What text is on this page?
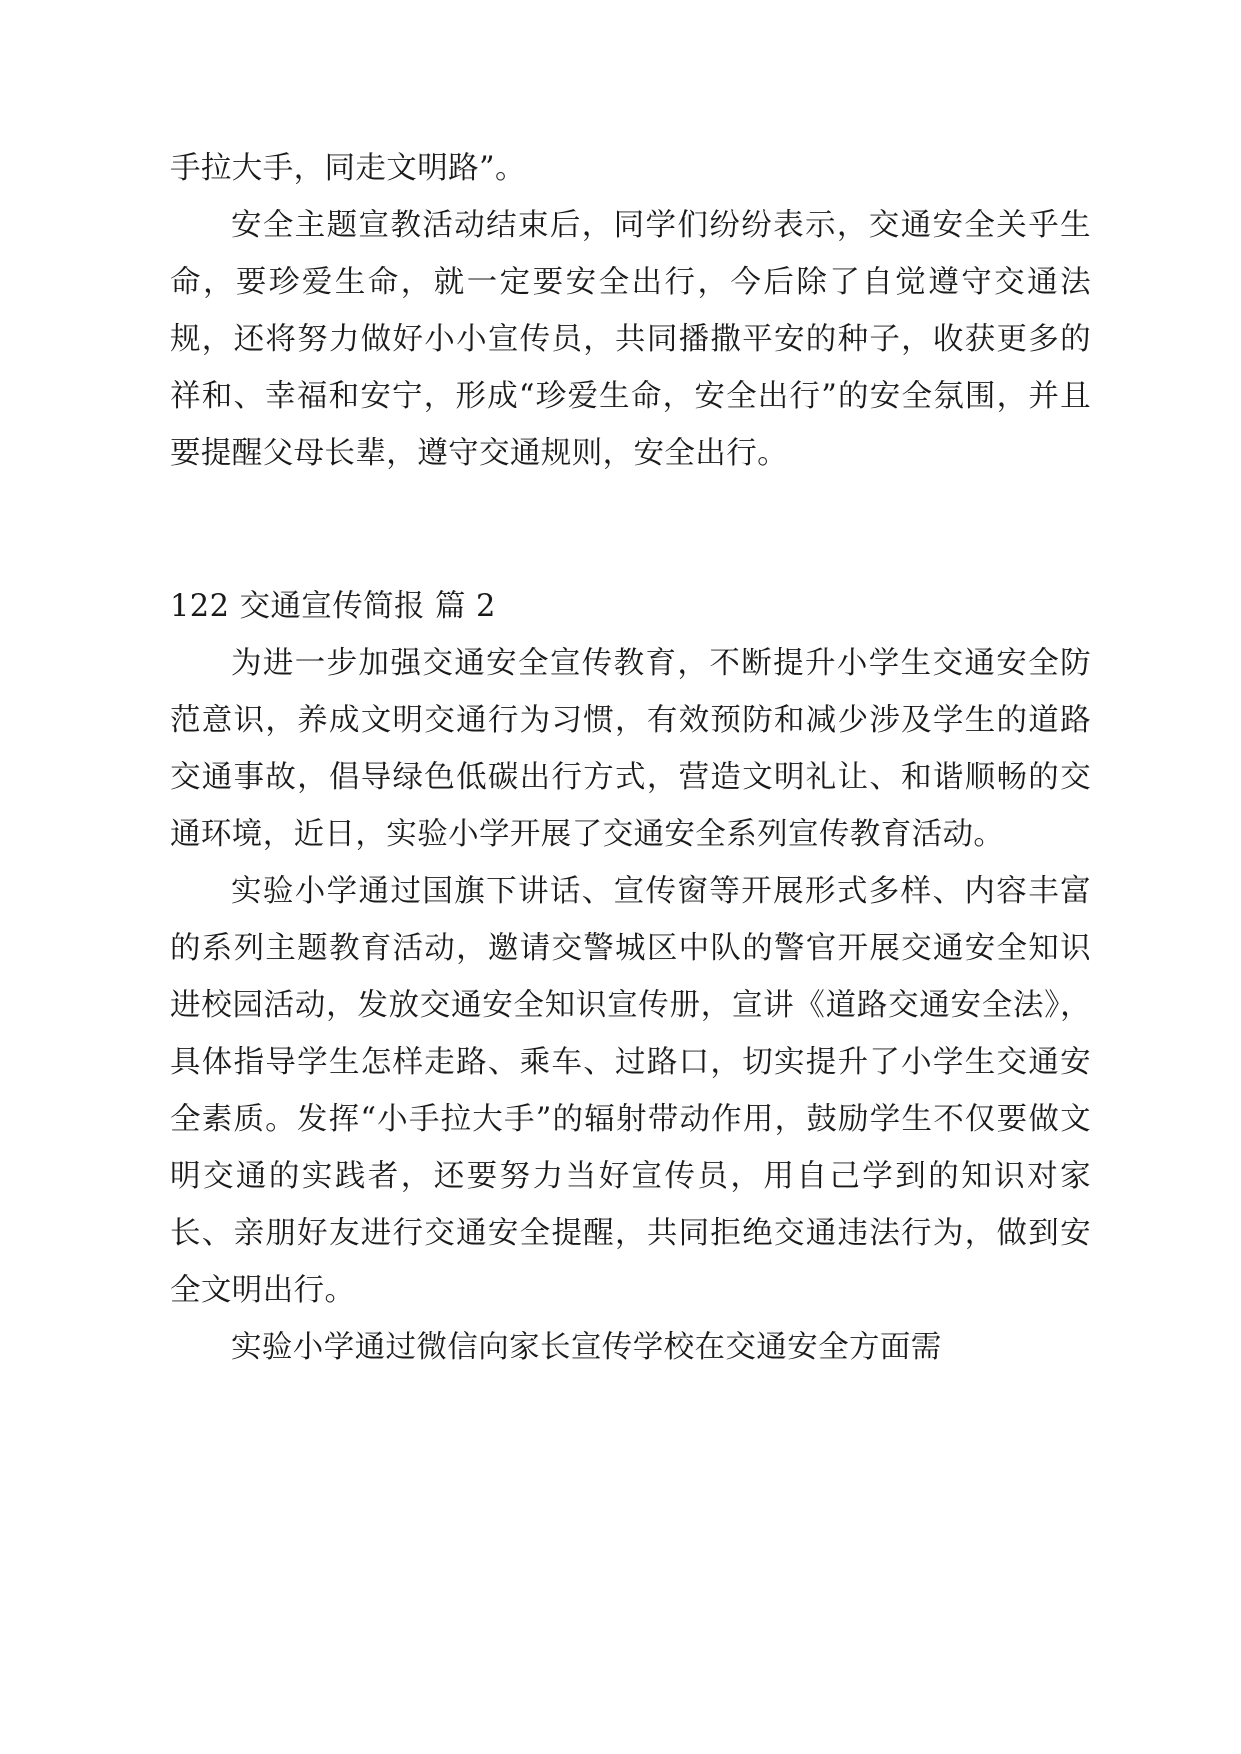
手拉大手，同走文明路”。

安全主题宣教活动结束后，同学们纷纷表示，交通安全关乎生命，要珍爱生命，就一定要安全出行，今后除了自觉遵守交通法规，还将努力做好小小宣传员，共同播撒平安的种子，收获更多的祥和、幸福和安宁，形成“珍爱生命，安全出行”的安全氛围，并且要提醒父母长辈，遵守交通规则，安全出行。

122 交通宣传简报 篇 2

为进一步加强交通安全宣传教育，不断提升小学生交通安全防范意识，养成文明交通行为习惯，有效预防和减少涉及学生的道路交通事故，倡导绿色低碳出行方式，营造文明礼让、和谐顺畅的交通环境，近日，实验小学开展了交通安全系列宣传教育活动。

实验小学通过国旗下讲话、宣传窗等开展形式多样、内容丰富的系列主题教育活动，邀请交警城区中队的警官开展交通安全知识进校园活动，发放交通安全知识宣传册，宣讲《道路交通安全法》，具体指导学生怎样走路、乘车、过路口，切实提升了小学生交通安全素质。发挥“小手拉大手”的辐射带动作用，鼓励学生不仅要做文明交通的实践者，还要努力当好宣传员，用自己学到的知识对家长、亲朋好友进行交通安全提醒，共同拒绝交通违法行为，做到安全文明出行。

实验小学通过微信向家长宣传学校在交通安全方面需
